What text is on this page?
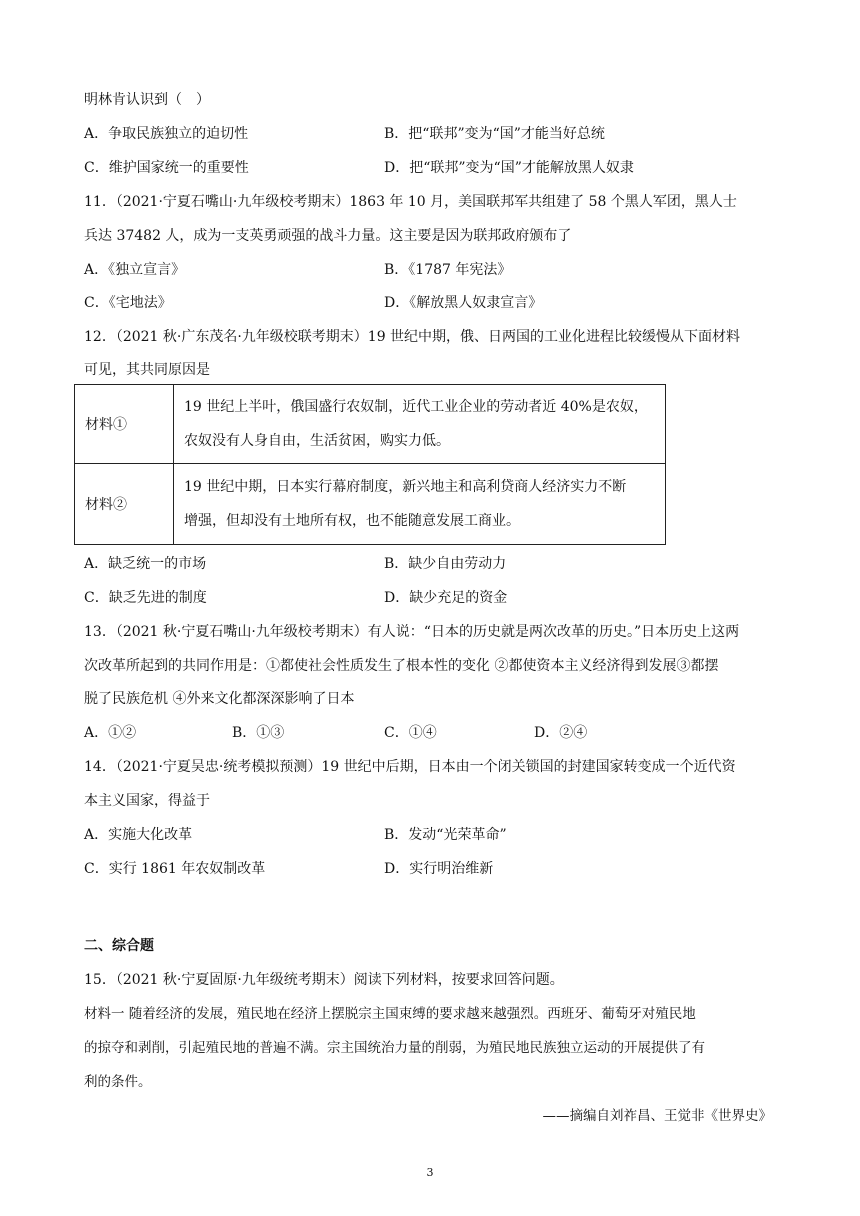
明林肯认识到（　）
A．争取民族独立的迫切性	B．把“联邦”变为“国”才能当好总统
C．维护国家统一的重要性	D．把“联邦”变为“国”才能解放黑人奴隶
11．（2021·宁夏石嘴山·九年级校考期末）1863 年 10 月，美国联邦军共组建了 58 个黑人军团，黑人士
兵达 37482 人，成为一支英勇顽强的战斗力量。这主要是因为联邦政府颁布了
A．《独立宣言》	B．《1787 年宪法》
C．《宅地法》	D．《解放黑人奴隶宣言》
12．（2021 秋·广东茂名·九年级校联考期末）19 世纪中期，俄、日两国的工业化进程比较缓慢从下面材料
可见，其共同原因是
材料①	19 世纪上半叶，俄国盛行农奴制，近代工业企业的劳动者近 40%是农奴，
农奴没有人身自由，生活贫困，购实力低。

材料②	19 世纪中期，日本实行幕府制度，新兴地主和高利贷商人经济实力不断
增强，但却没有土地所有权，也不能随意发展工商业。
A．缺乏统一的市场	B．缺少自由劳动力
C．缺乏先进的制度	D．缺少充足的资金
13．（2021 秋·宁夏石嘴山·九年级校考期末）有人说：“日本的历史就是两次改革的历史。”日本历史上这两
次改革所起到的共同作用是：①都使社会性质发生了根本性的变化 ②都使资本主义经济得到发展③都摆
脱了民族危机 ④外来文化都深深影响了日本
A．①②	B．①③	C．①④	D．②④
14．（2021·宁夏吴忠·统考模拟预测）19 世纪中后期，日本由一个闭关锁国的封建国家转变成一个近代资
本主义国家，得益于
A．实施大化改革	B．发动“光荣革命”
C．实行 1861 年农奴制改革	D．实行明治维新
二、综合题
15．（2021 秋·宁夏固原·九年级统考期末）阅读下列材料，按要求回答问题。
材料一 随着经济的发展，殖民地在经济上摆脱宗主国束缚的要求越来越强烈。西班牙、葡萄牙对殖民地
的掠夺和剥削，引起殖民地的普遍不满。宗主国统治力量的削弱，为殖民地民族独立运动的开展提供了有
利的条件。
——摘编自刘祚昌、王觉非《世界史》
3
